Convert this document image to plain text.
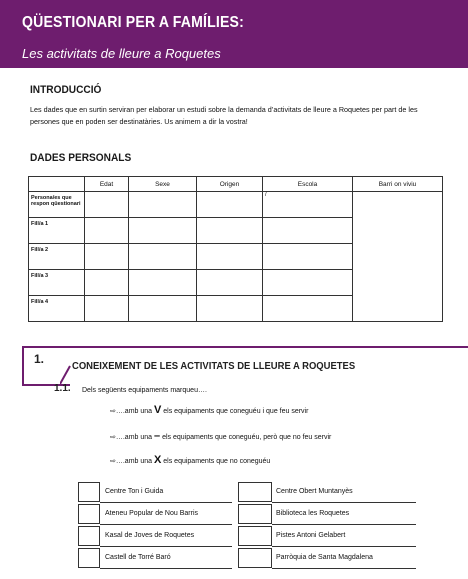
QÜESTIONARI PER A FAMÍLIES:
Les activitats de lleure a Roquetes
INTRODUCCIÓ
Les dades que en surtin serviran per elaborar un estudi sobre la demanda d’activitats de lleure a Roquetes per part de les persones que en poden ser destinatàries. Us animem a dir la vostra!
DADES PERSONALS
	Edat	Sexe	Origen	Escola	Barri on viviu
Persona/es que respon qüestionari				/	
Fill/a 1					
Fill/a 2					
Fill/a 3					
Fill/a 4					
1.	CONEIXEMENT DE LES ACTIVITATS DE LLEURE A ROQUETES
1.1. Dels següents equipaments marqueu….
⇨….amb una V els equipaments que coneguéu i que feu servir
⇨….amb una – els equipaments que coneguéu, però que no feu servir
⇨….amb una X els equipaments que no coneguéu
Centre Ton i Guida
Ateneu Popular de Nou Barris
Kasal de Joves de Roquetes
Castell de Torré Baró
Centre Obert Muntanyès
Biblioteca les Roquetes
Pistes Antoni Gelabert
Parròquia de Santa Magdalena
